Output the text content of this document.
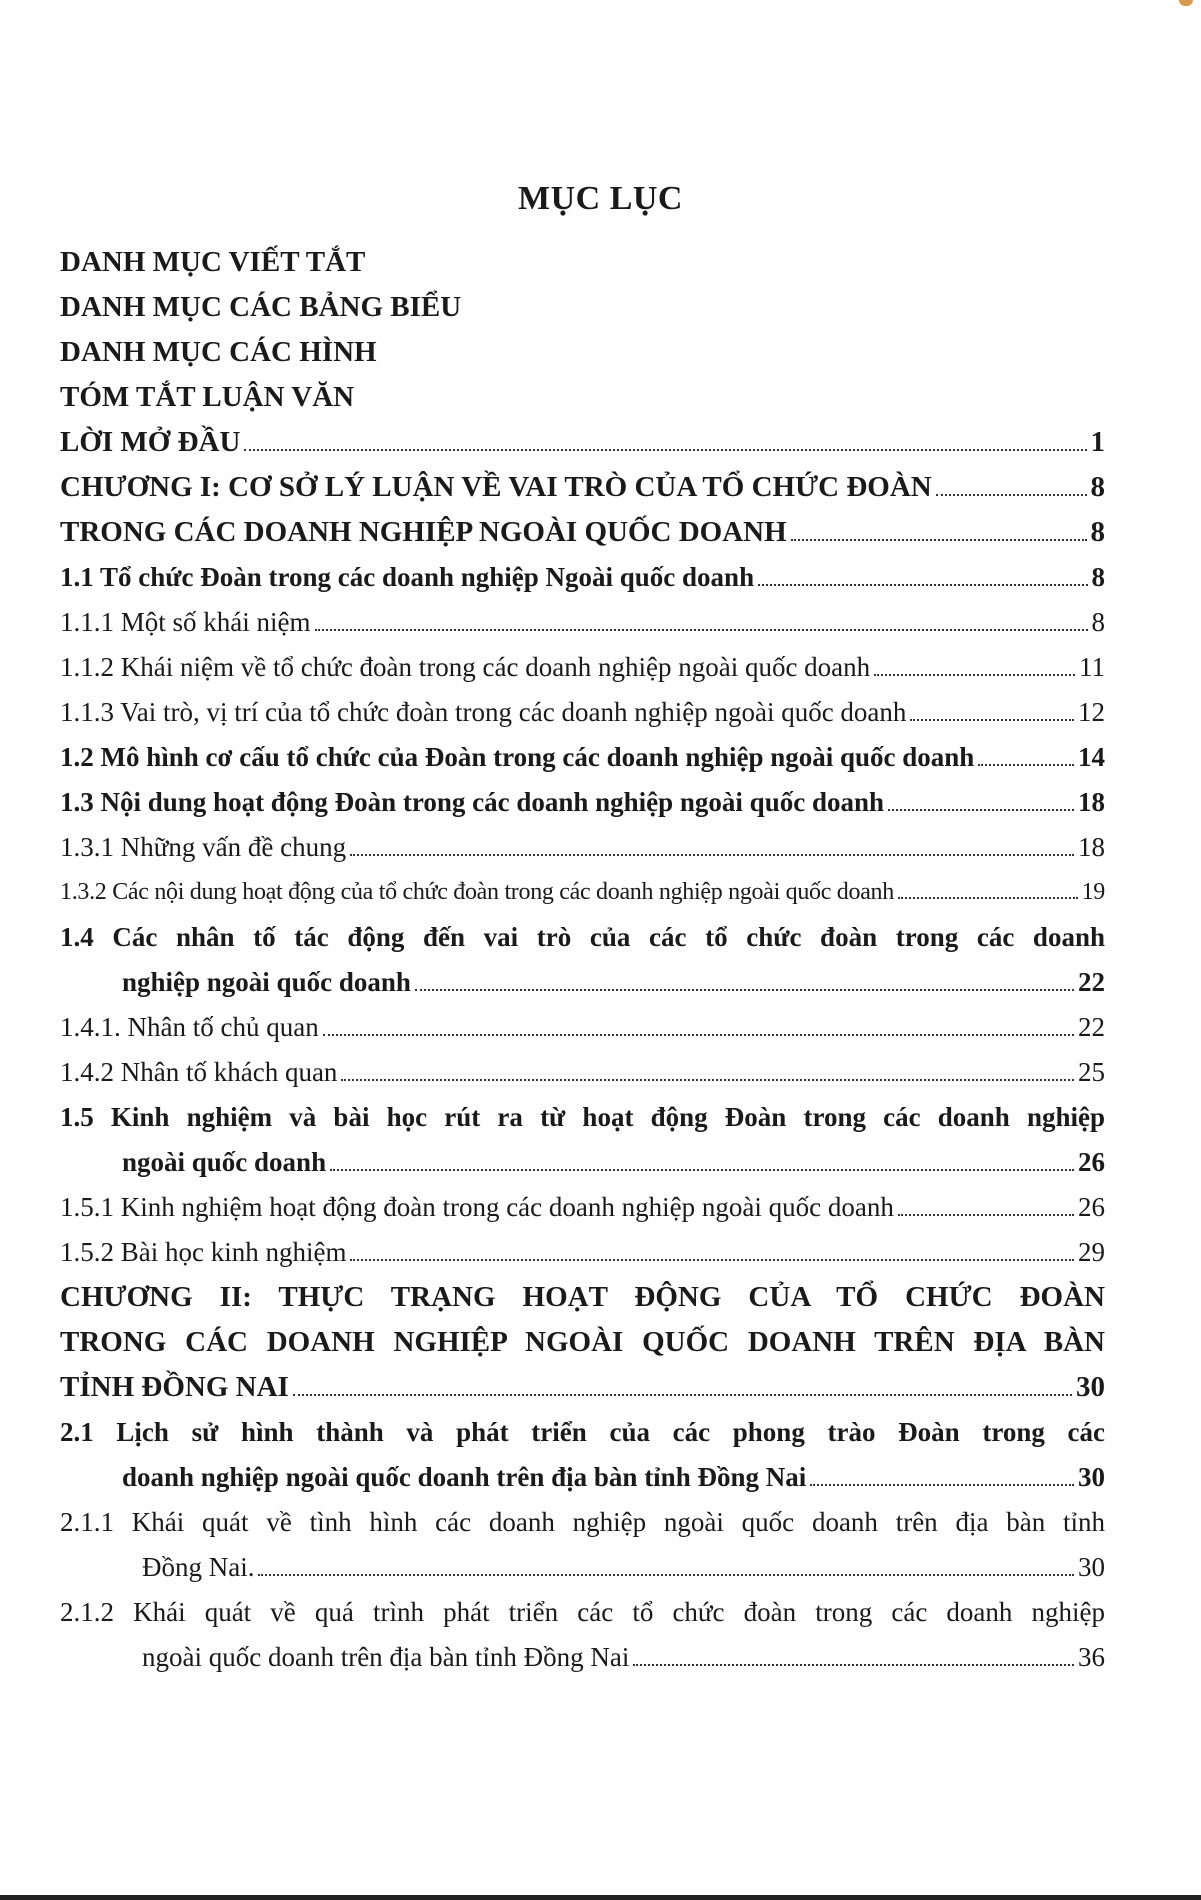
MỤC LỤC
DANH MỤC VIẾT TẮT
DANH MỤC CÁC BẢNG BIỂU
DANH MỤC CÁC HÌNH
TÓM TẮT LUẬN VĂN
LỜI MỞ ĐẦU	1
CHƯƠNG I: CƠ SỞ LÝ LUẬN VỀ VAI TRÒ CỦA TỔ CHỨC ĐOÀN	8
TRONG CÁC DOANH NGHIỆP NGOÀI QUỐC DOANH	8
1.1 Tổ chức Đoàn trong các doanh nghiệp Ngoài quốc doanh	8
1.1.1 Một số khái niệm	8
1.1.2 Khái niệm về tổ chức đoàn trong các doanh nghiệp ngoài quốc doanh	11
1.1.3 Vai trò, vị trí của tổ chức đoàn trong các doanh nghiệp ngoài quốc doanh	12
1.2 Mô hình cơ cấu tổ chức của Đoàn trong các doanh nghiệp ngoài quốc doanh	14
1.3 Nội dung hoạt động Đoàn trong các doanh nghiệp ngoài quốc doanh	18
1.3.1 Những vấn đề chung	18
1.3.2 Các nội dung hoạt động của tổ chức đoàn trong các doanh nghiệp ngoài quốc doanh	19
1.4 Các nhân tố tác động đến vai trò của các tổ chức đoàn trong các doanh
nghiệp ngoài quốc doanh	22
1.4.1. Nhân tố chủ quan	22
1.4.2 Nhân tố khách quan	25
1.5 Kinh nghiệm và bài học rút ra từ hoạt động Đoàn trong các doanh nghiệp
ngoài quốc doanh	26
1.5.1 Kinh nghiệm hoạt động đoàn trong các doanh nghiệp ngoài quốc doanh	26
1.5.2 Bài học kinh nghiệm	29
CHƯƠNG II: THỰC TRẠNG HOẠT ĐỘNG CỦA TỔ CHỨC ĐOÀN
TRONG CÁC DOANH NGHIỆP NGOÀI QUỐC DOANH TRÊN ĐỊA BÀN
TỈNH ĐỒNG NAI	30
2.1 Lịch sử hình thành và phát triển của các phong trào Đoàn trong các
doanh nghiệp ngoài quốc doanh trên địa bàn tỉnh Đồng Nai	30
2.1.1 Khái quát về tình hình các doanh nghiệp ngoài quốc doanh trên địa bàn tỉnh
Đồng Nai.	30
2.1.2 Khái quát về quá trình phát triển các tổ chức đoàn trong các doanh nghiệp
ngoài quốc doanh trên địa bàn tỉnh Đồng Nai	36
